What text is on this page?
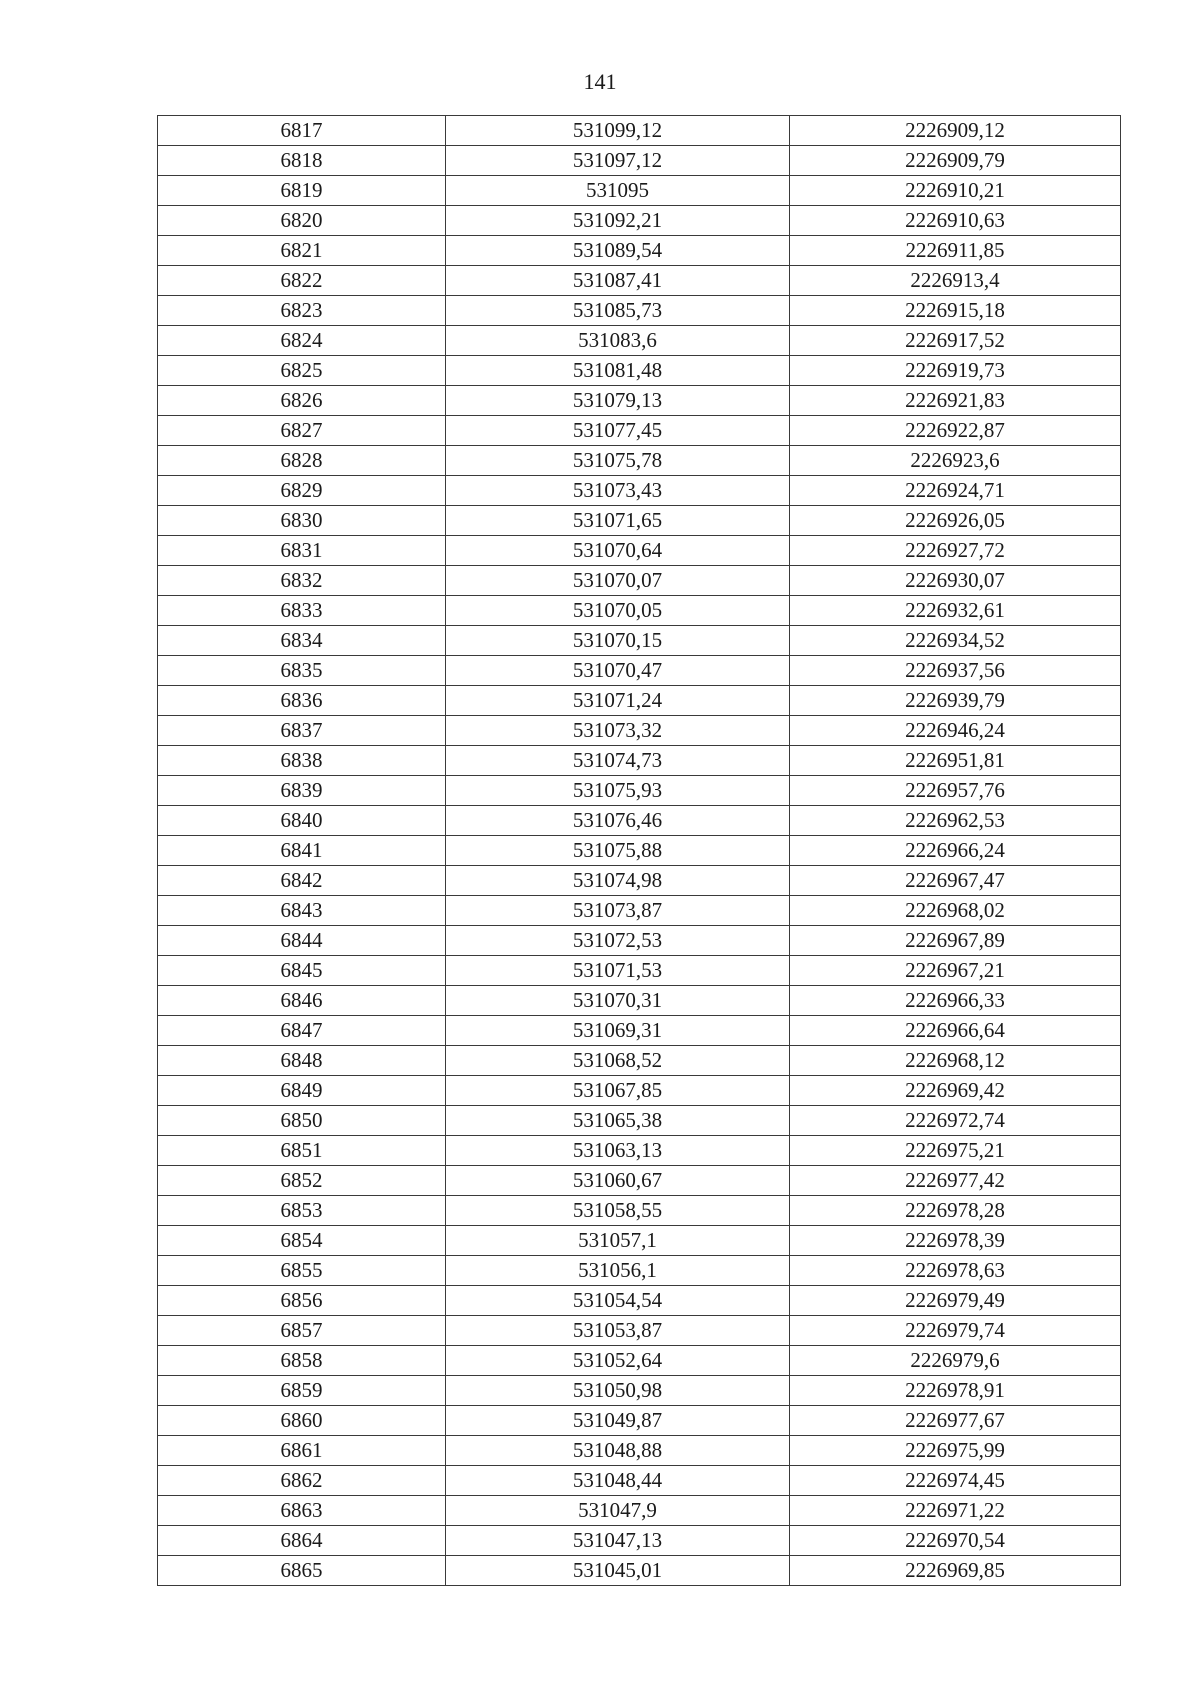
141
6817	531099,12	2226909,12
6818	531097,12	2226909,79
6819	531095	2226910,21
6820	531092,21	2226910,63
6821	531089,54	2226911,85
6822	531087,41	2226913,4
6823	531085,73	2226915,18
6824	531083,6	2226917,52
6825	531081,48	2226919,73
6826	531079,13	2226921,83
6827	531077,45	2226922,87
6828	531075,78	2226923,6
6829	531073,43	2226924,71
6830	531071,65	2226926,05
6831	531070,64	2226927,72
6832	531070,07	2226930,07
6833	531070,05	2226932,61
6834	531070,15	2226934,52
6835	531070,47	2226937,56
6836	531071,24	2226939,79
6837	531073,32	2226946,24
6838	531074,73	2226951,81
6839	531075,93	2226957,76
6840	531076,46	2226962,53
6841	531075,88	2226966,24
6842	531074,98	2226967,47
6843	531073,87	2226968,02
6844	531072,53	2226967,89
6845	531071,53	2226967,21
6846	531070,31	2226966,33
6847	531069,31	2226966,64
6848	531068,52	2226968,12
6849	531067,85	2226969,42
6850	531065,38	2226972,74
6851	531063,13	2226975,21
6852	531060,67	2226977,42
6853	531058,55	2226978,28
6854	531057,1	2226978,39
6855	531056,1	2226978,63
6856	531054,54	2226979,49
6857	531053,87	2226979,74
6858	531052,64	2226979,6
6859	531050,98	2226978,91
6860	531049,87	2226977,67
6861	531048,88	2226975,99
6862	531048,44	2226974,45
6863	531047,9	2226971,22
6864	531047,13	2226970,54
6865	531045,01	2226969,85
